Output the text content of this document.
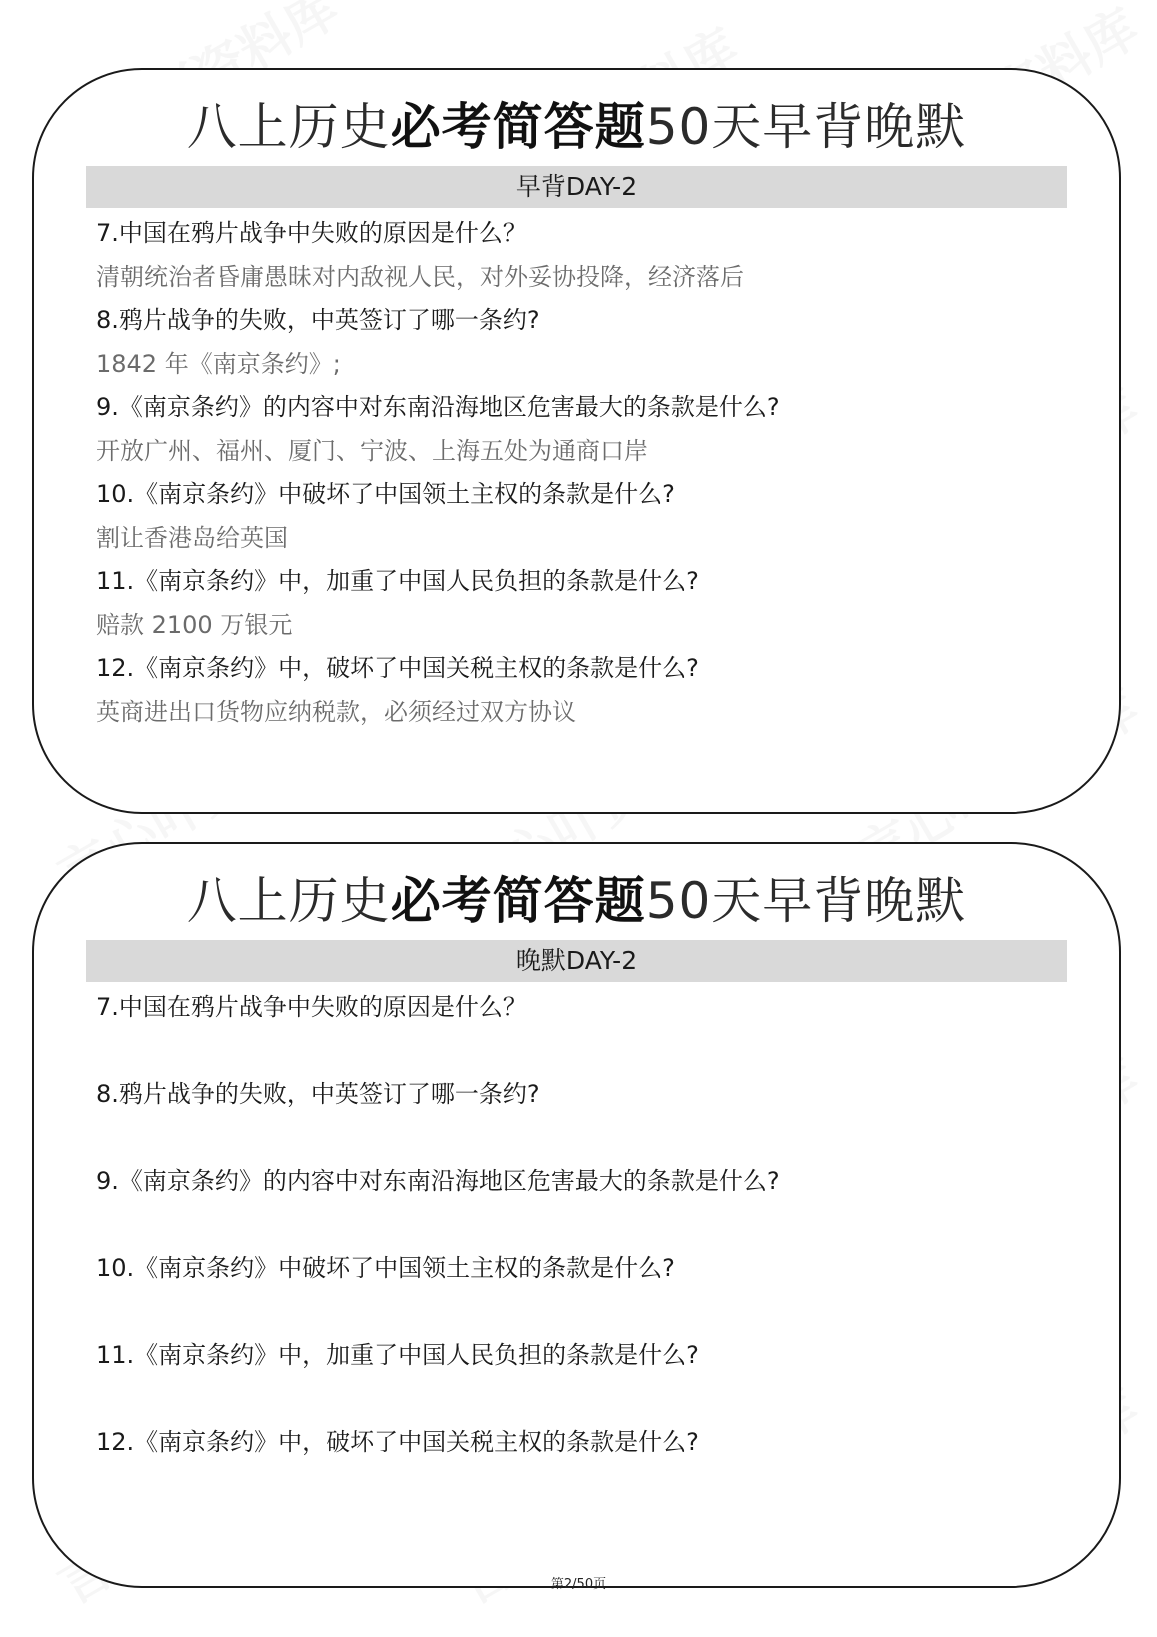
八上历史必考简答题50天早背晚默
早背DAY-2
7.中国在鸦片战争中失败的原因是什么？
清朝统治者昏庸愚昧对内敌视人民，对外妥协投降，经济落后
8.鸦片战争的失败，中英签订了哪一条约?
1842 年《南京条约》;
9.《南京条约》的内容中对东南沿海地区危害最大的条款是什么?
开放广州、福州、厦门、宁波、上海五处为通商口岸
10.《南京条约》中破坏了中国领土主权的条款是什么?
割让香港岛给英国
11.《南京条约》中，加重了中国人民负担的条款是什么?
赔款 2100 万银元
12.《南京条约》中，破坏了中国关税主权的条款是什么?
英商进出口货物应纳税款，必须经过双方协议
八上历史必考简答题50天早背晚默
晚默DAY-2
7.中国在鸦片战争中失败的原因是什么？
8.鸦片战争的失败，中英签订了哪一条约?
9.《南京条约》的内容中对东南沿海地区危害最大的条款是什么?
10.《南京条约》中破坏了中国领土主权的条款是什么?
11.《南京条约》中，加重了中国人民负担的条款是什么?
12.《南京条约》中，破坏了中国关税主权的条款是什么?
第2/50页
